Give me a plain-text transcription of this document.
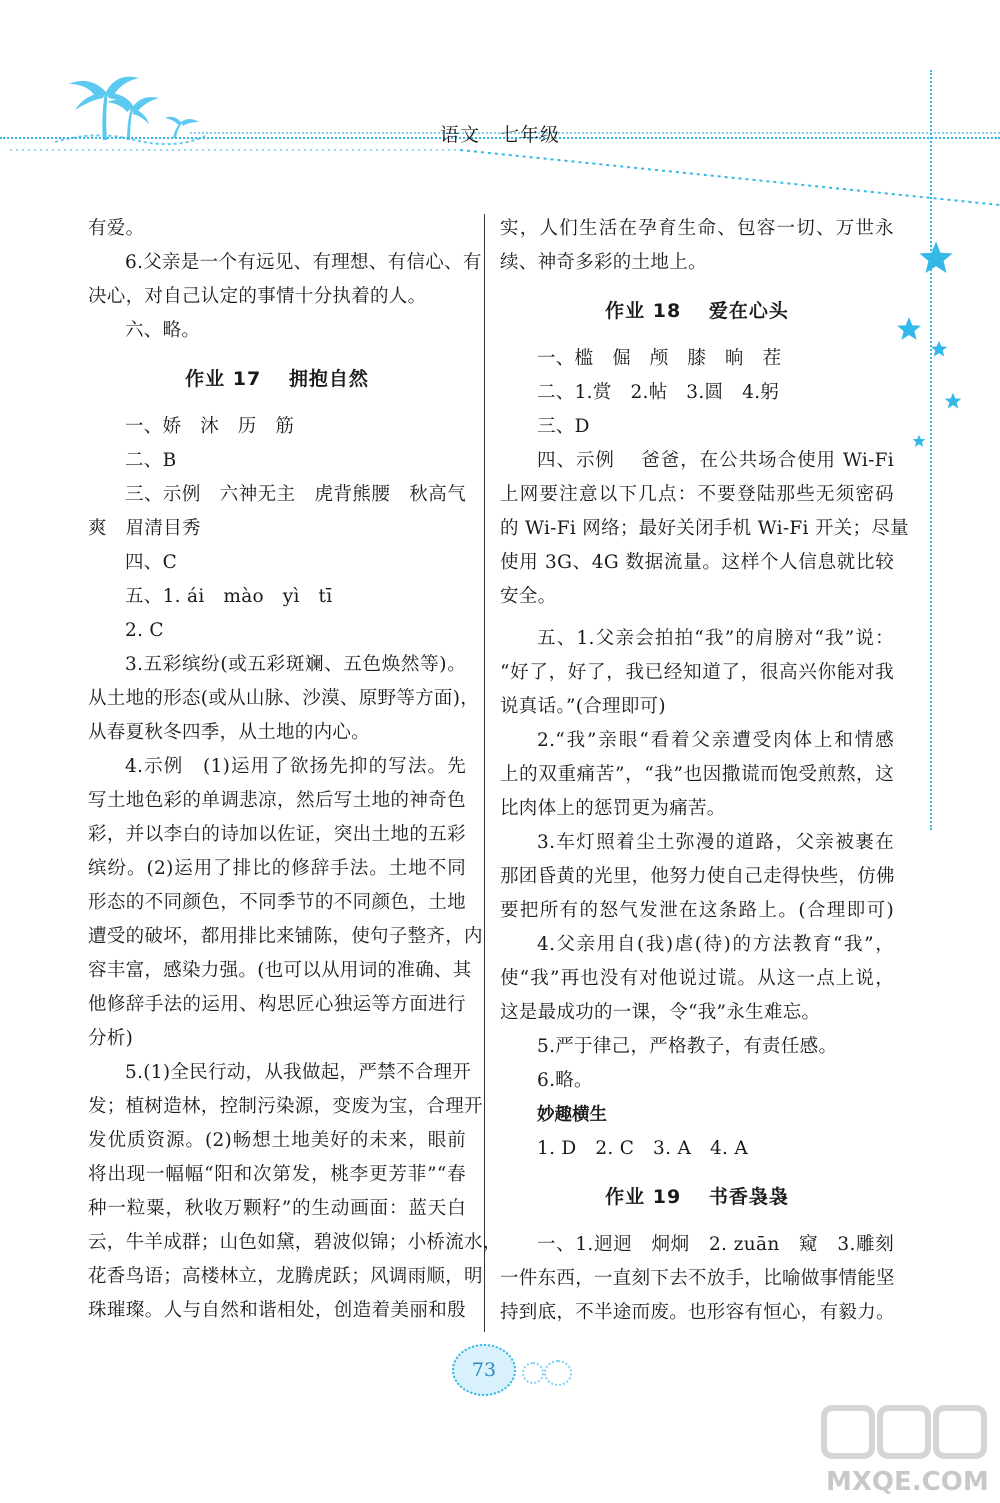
语文　七年级
有爱。
6.父亲是一个有远见、有理想、有信心、有
决心，对自己认定的事情十分执着的人。
六、略。
作业 17　 拥抱自然
一、娇　沐　历　筋
二、B
三、示例　六神无主　虎背熊腰　秋高气
爽　眉清目秀
四、C
五、1. ái　mào　yì　tī
2. C
3.五彩缤纷(或五彩斑斓、五色焕然等)。
从土地的形态(或从山脉、沙漠、原野等方面)，
从春夏秋冬四季，从土地的内心。
4.示例　(1)运用了欲扬先抑的写法。先
写土地色彩的单调悲凉，然后写土地的神奇色
彩，并以李白的诗加以佐证，突出土地的五彩
缤纷。(2)运用了排比的修辞手法。土地不同
形态的不同颜色，不同季节的不同颜色，土地
遭受的破坏，都用排比来铺陈，使句子整齐，内
容丰富，感染力强。(也可以从用词的准确、其
他修辞手法的运用、构思匠心独运等方面进行
分析)
5.(1)全民行动，从我做起，严禁不合理开
发；植树造林，控制污染源，变废为宝，合理开
发优质资源。(2)畅想土地美好的未来，眼前
将出现一幅幅“阳和次第发，桃李更芳菲”“春
种一粒粟，秋收万颗籽”的生动画面：蓝天白
云，牛羊成群；山色如黛，碧波似锦；小桥流水，
花香鸟语；高楼林立，龙腾虎跃；风调雨顺，明
珠璀璨。人与自然和谐相处，创造着美丽和殷
实，人们生活在孕育生命、包容一切、万世永
续、神奇多彩的土地上。
作业 18　 爱在心头
一、槛　倔　颅　膝　晌　茬
二、1.赏　2.帖　3.圆　4.躬
三、D
四、示例　 爸爸，在公共场合使用 Wi-Fi
上网要注意以下几点：不要登陆那些无须密码
的 Wi-Fi 网络；最好关闭手机 Wi-Fi 开关；尽量
使用 3G、4G 数据流量。这样个人信息就比较
安全。
五、1.父亲会拍拍“我”的肩膀对“我”说：
“好了，好了，我已经知道了，很高兴你能对我
说真话。”(合理即可)
2.“我”亲眼“看着父亲遭受肉体上和情感
上的双重痛苦”，“我”也因撒谎而饱受煎熬，这
比肉体上的惩罚更为痛苦。
3.车灯照着尘土弥漫的道路，父亲被裹在
那团昏黄的光里，他努力使自己走得快些，仿佛
要把所有的怒气发泄在这条路上。(合理即可)
4.父亲用自(我)虐(待)的方法教育“我”，
使“我”再也没有对他说过谎。从这一点上说，
这是最成功的一课，令“我”永生难忘。
5.严于律己，严格教子，有责任感。
6.略。
妙趣横生
1. D　2. C　3. A　4. A
作业 19　 书香袅袅
一、1.迥迥　炯炯　2. zuān　窥　3.雕刻
一件东西，一直刻下去不放手，比喻做事情能坚
持到底，不半途而废。也形容有恒心，有毅力。
73
MXQE.COM
